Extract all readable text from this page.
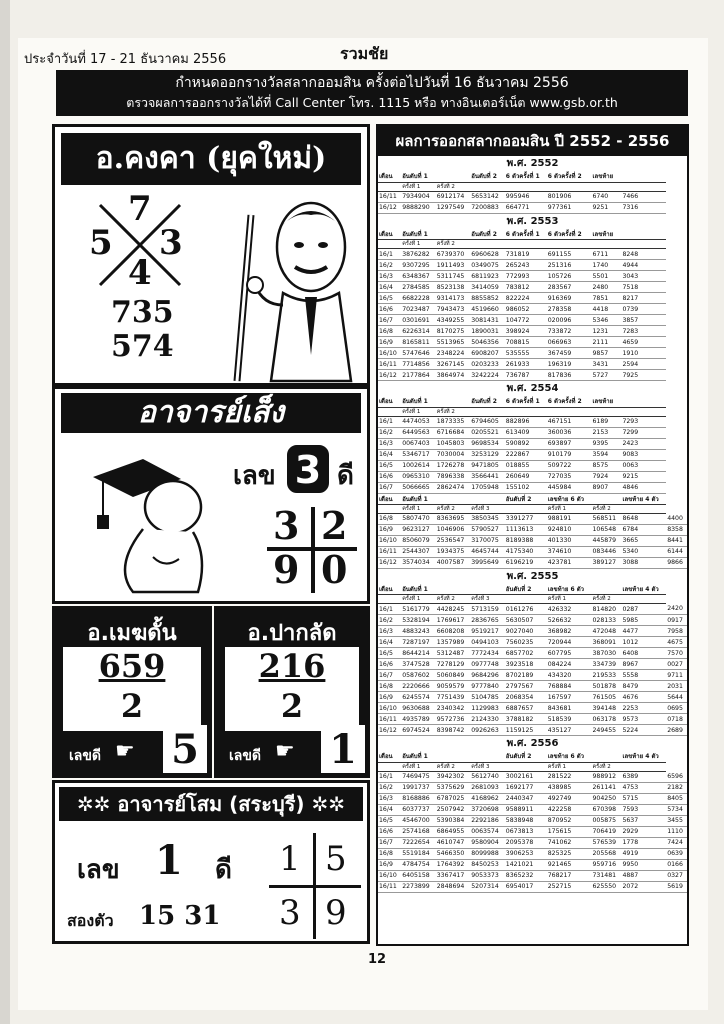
ประจำวันที่ 17 - 21 ธันวาคม 2556	รวมชัย
กำหนดออกรางวัลสลากออมสิน ครั้งต่อไปวันที่ 16 ธันวาคม 2556
ตรวจผลการออกรางวัลได้ที่ Call Center โทร. 1115 หรือ ทางอินเตอร์เน็ต www.gsb.or.th
อ.คงคา (ยุคใหม่)
7
5 3
4
735
574
อาจารย์เส็ง
เลข 3 ดี
3 2
9 0
อ.เมฆดั้น
659
2
เลขดี ☛ 5
อ.ปากลัด
216
2
เลขดี ☛ 1
✲✲ อาจารย์โสม (สระบุรี) ✲✲
เลข 1 ดี 1 5
3 9
สองตัว 15 31
ผลการออกสลากออมสิน ปี 2552 - 2556
พ.ศ. 2552								
เดือน	อันดับที่ 1		อันดับที่ 2	6 ตัวครั้งที่ 1	6 ตัวครั้งที่ 2	เลขท้าย		
	ครั้งที่ 1	ครั้งที่ 2						
16/11	7934904	6912174	5653142	995946	801906	6740	7466	
16/12	9888290	1297549	7200883	664771	977361	9251	7316	
พ.ศ. 2553								
เดือน	อันดับที่ 1		อันดับที่ 2	6 ตัวครั้งที่ 1	6 ตัวครั้งที่ 2	เลขท้าย		
	ครั้งที่ 1	ครั้งที่ 2						
16/1	3876282	6739370	6960628	731819	691155	6711	8248	
16/2	9307295	1911493	0349075	265243	251316	1740	4944	
16/3	6348367	5311745	6811923	772993	105726	5501	3043	
16/4	2784585	8523138	3414059	783812	283567	2480	7518	
16/5	6682228	9314173	8855852	822224	916369	7851	8217	
16/6	7023487	7943473	4519660	986052	278358	4418	0739	
16/7	0301691	4349255	3081431	104772	020096	5346	3857	
16/8	6226314	8170275	1890031	398924	733872	1231	7283	
16/9	8165811	5513965	5046356	708815	066963	2111	4659	
16/10	5747646	2348224	6908207	535555	367459	9857	1910	
16/11	7714856	3267145	0203233	261933	196319	3431	2594	
16/12	2177864	3864974	3242224	736787	817836	5727	7925	
พ.ศ. 2554								
เดือน	อันดับที่ 1		อันดับที่ 2	6 ตัวครั้งที่ 1	6 ตัวครั้งที่ 2	เลขท้าย		
	ครั้งที่ 1	ครั้งที่ 2						
16/1	4474053	1873335	6794605	882896	467151	6189	7293	
16/2	6449563	6716684	0205521	613409	360036	2153	7299	
16/3	0067403	1045803	9698534	590892	693897	9395	2423	
16/4	5346717	7030004	3253129	222867	910179	3594	9083	
16/5	1002614	1726278	9471805	018855	509722	8575	0063	
16/6	0965310	7896338	3566441	260649	727035	7924	9215	
16/7	5066665	2862474	1705948	155102	445984	8907	4846	
เดือน	อันดับที่ 1			อันดับที่ 2	เลขท้าย 6 ตัว		เลขท้าย 4 ตัว	
	ครั้งที่ 1	ครั้งที่ 2	ครั้งที่ 3		ครั้งที่ 1	ครั้งที่ 2		
16/8	5807470	8363695	3850345	3391277	988191	568511	8648	4400
16/9	9623127	1046906	5790527	1113613	924810	106548	6784	8358
16/10	8506079	2536547	3170075	8189388	401330	445879	3665	8441
16/11	2544307	1934375	4645744	4175340	374610	083446	5340	6144
16/12	3574034	4007587	3995649	6196219	423781	389127	3088	9866
พ.ศ. 2555								
เดือน	อันดับที่ 1			อันดับที่ 2	เลขท้าย 6 ตัว		เลขท้าย 4 ตัว	
	ครั้งที่ 1	ครั้งที่ 2	ครั้งที่ 3		ครั้งที่ 1	ครั้งที่ 2		
16/1	5161779	4428245	5713159	0161276	426332	814820	0287	2420
16/2	5328194	1769617	2836765	5630507	526632	028133	5985	0917
16/3	4883243	6608208	9519217	9027040	368982	472048	4477	7958
16/4	7287197	1357989	0494103	7560235	720944	368091	1012	4675
16/5	8644214	5312487	7772434	6857702	607795	387030	6408	7570
16/6	3747528	7278129	0977748	3923518	084224	334739	8967	0027
16/7	0587602	5060849	9684296	8702189	434320	219533	5558	9711
16/8	2220666	9059579	9777840	2797567	768884	501878	8479	2031
16/9	6245574	7751439	5104785	2068354	167597	761505	4676	5644
16/10	9630688	2340342	1129983	6887657	843681	394148	2253	0695
16/11	4935789	9572736	2124330	3788182	518539	063178	9573	0718
16/12	6974524	8398742	0926263	1159125	435127	249455	5224	2689
พ.ศ. 2556								
เดือน	อันดับที่ 1			อันดับที่ 2	เลขท้าย 6 ตัว		เลขท้าย 4 ตัว	
	ครั้งที่ 1	ครั้งที่ 2	ครั้งที่ 3		ครั้งที่ 1	ครั้งที่ 2		
16/1	7469475	3942302	5612740	3002161	281522	988912	6389	6596
16/2	1991737	5375629	2681093	1692177	438985	261141	4753	2182
16/3	8168886	6787025	4168962	2440347	492749	904250	5715	8405
16/4	6037737	2507942	3720698	9588911	422258	670398	7593	5734
16/5	4546700	5390384	2292186	5838948	870952	005875	5637	3455
16/6	2574168	6864955	0063574	0673813	175615	706419	2929	1110
16/7	7222654	4610747	9580904	2095378	741062	576539	1778	7424
16/8	5519184	5466350	8099988	3906253	825325	205568	4919	0639
16/9	4784754	1764392	8450253	1421021	921465	959716	9950	0166
16/10	6405158	3367417	9053373	8365232	768217	731481	4887	0327
16/11	2273899	2848694	5207314	6954017	252715	625550	2072	5619
12
